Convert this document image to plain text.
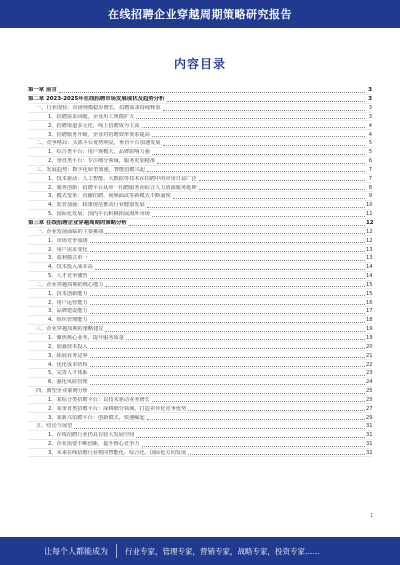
在线招聘企业穿越周期策略研究报告
内容目录
第一章 前言	3
第二章 2023-2025年在线招聘市场发展现状及趋势分析	3
一、行业现状：市场规模稳步增长，招聘需求持续释放	3
1、招聘需求回暖，企业用工规模扩大	3
2、招聘渠道多元化，线上招聘成为主流	4
3、招聘服务升级，企业对招聘效率要求提高	4
二、竞争格局：头部平台优势明显，垂直平台加速发展	5
1、综合类平台：用户规模大，品牌影响力强	5
2、垂直类平台：专注细分领域，服务更加精准	6
三、发展趋势：数字化转型加速，智能招聘兴起	7
1、技术驱动：人工智能、大数据等技术在招聘中的应用日益广泛	7
2、服务创新：招聘平台从单一招聘服务向综合人力资源服务延伸	8
3、模式变革：直播招聘、视频面试等新模式不断涌现	9
4、监管加强：政策规范推动行业健康发展	10
5、国际化发展：国内平台积极拓展海外市场	11
第三章 在线招聘企业穿越周期的策略分析	12
一、企业发展面临的主要挑战	12
1、市场竞争加剧	12
2、用户需求变化	13
3、盈利模式单一	13
4、技术投入成本高	14
5、人才竞争激烈	14
二、企业穿越周期的核心能力	15
1、技术创新能力	15
2、用户运营能力	16
3、品牌建设能力	17
4、组织管理能力	18
三、企业穿越周期的策略建议	19
1、聚焦核心业务，提升服务质量	19
2、加强技术投入	20
3、拓展业务边界	21
4、优化成本结构	22
5、完善人才体系	23
6、强化风险管理	24
四、典型企业案例分析	25
1、某综合类招聘平台：以技术驱动业务增长	25
2、某垂直类招聘平台：深耕细分领域，打造差异化竞争优势	27
3、某新兴招聘平台：创新模式，快速崛起	29
五、结论与展望	31
1、在线招聘行业仍具有较大发展空间	31
2、企业需要不断创新，提升核心竞争力	31
3、未来在线招聘行业将向智能化、综合化、国际化方向发展	32
1
让每个人都能成为 行业专家，管理专家，营销专家，战略专家，投资专家……
